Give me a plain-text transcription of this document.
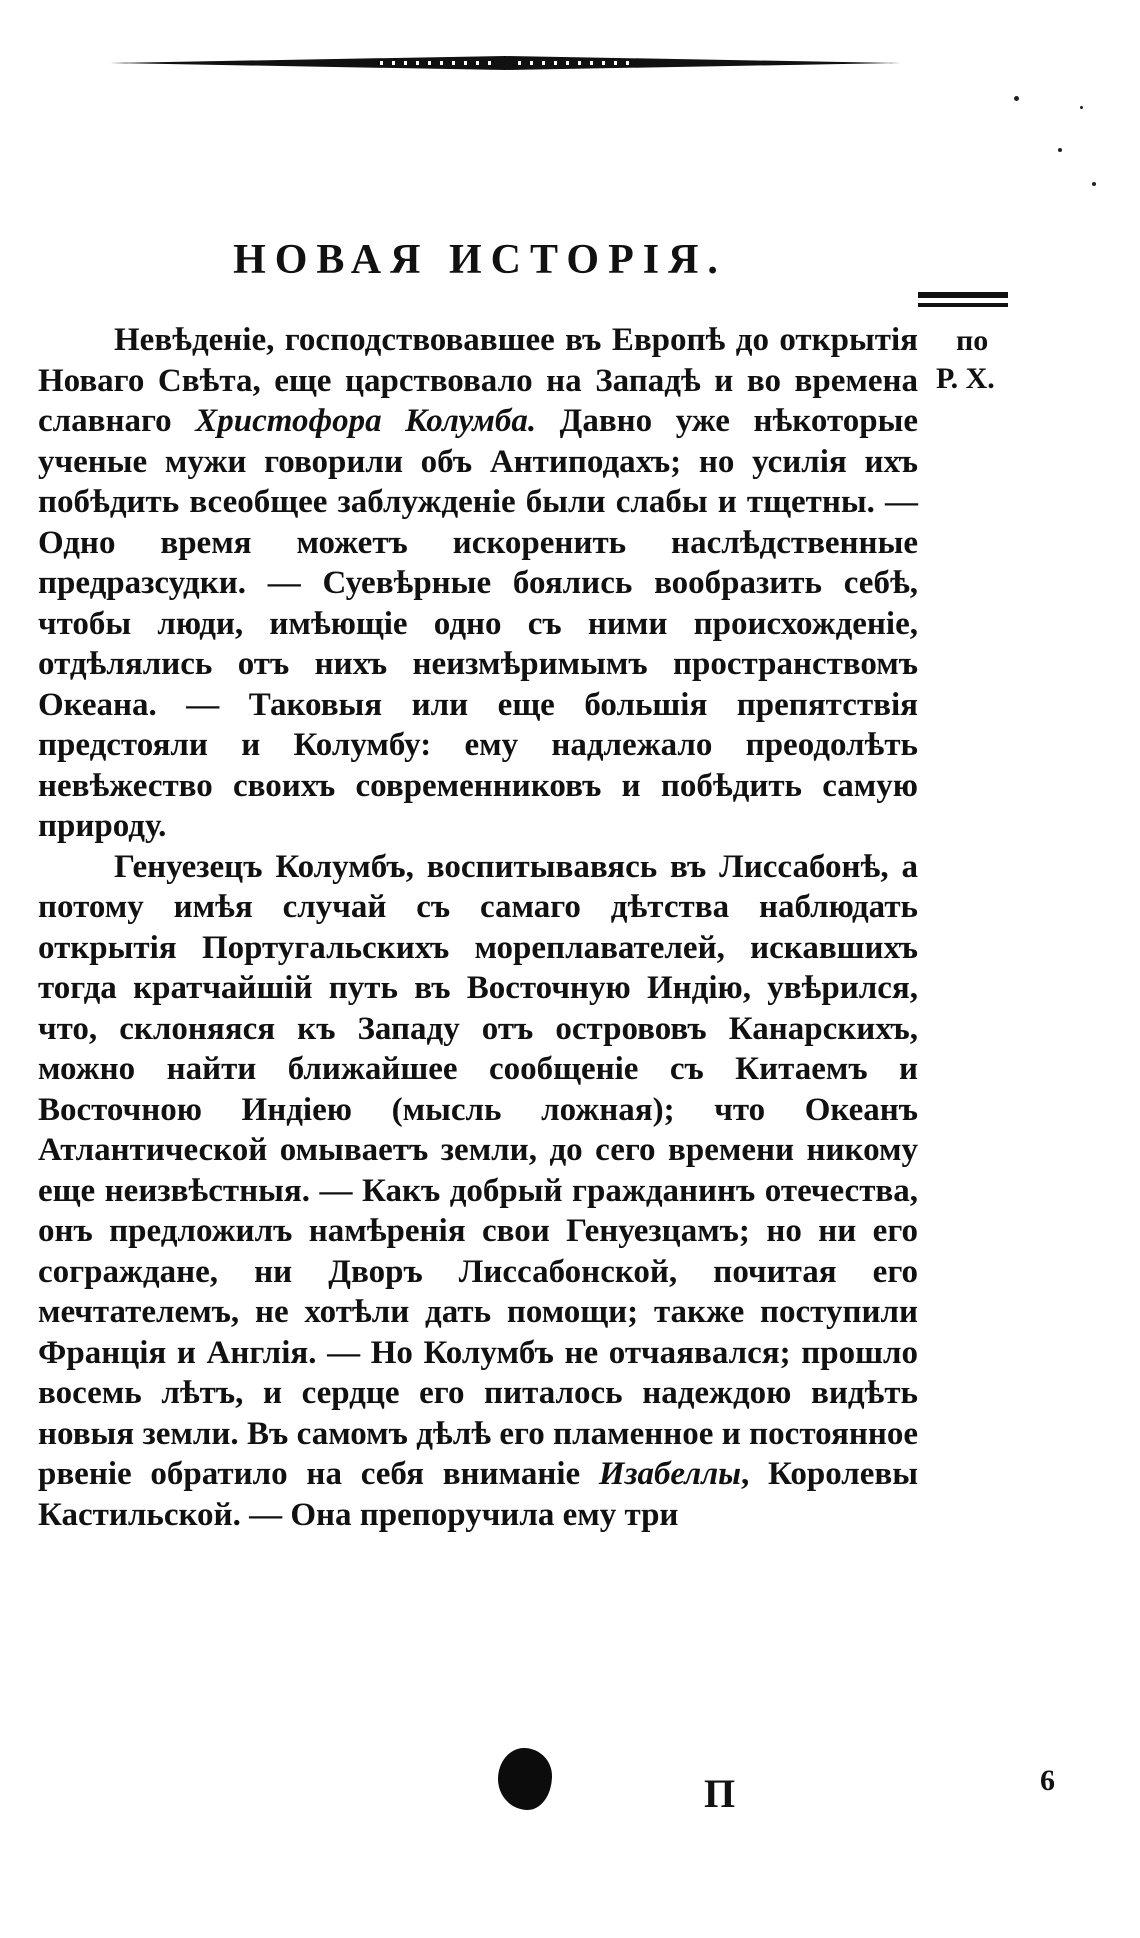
НОВАЯ ИСТОРІЯ.
по
Р. Х.

Невѣденіе, господствовавшее въ Европѣ до открытія Новаго Свѣта, еще царствовало на Западѣ и во времена славнаго Христофора Колумба. Давно уже нѣкоторые ученые мужи говорили объ Антиподахъ; но усилія ихъ побѣдить всеобщее заблужденіе были слабы и тщетны. — Одно время можетъ искоренить наслѣдственные предразсудки. — Суевѣрные боялись вообразить себѣ, чтобы люди, имѣющіе одно съ ними происхожденіе, отдѣлялись отъ нихъ неизмѣримымъ пространствомъ Океана. — Таковыя или еще большія препятствія предстояли и Колумбу: ему надлежало преодолѣть невѣжество своихъ современниковъ и побѣдить самую природу.

Генуезецъ Колумбъ, воспитывавясь въ Лиссабонѣ, а потому имѣя случай съ самаго дѣтства наблюдать открытія Португальскихъ мореплавателей, искавшихъ тогда кратчайшій путь въ Восточную Индію, увѣрился, что, склоняяся къ Западу отъ острововъ Канарскихъ, можно найти ближайшее сообщеніе съ Китаемъ и Восточною Индіею (мысль ложная); что Океанъ Атлантической омываетъ земли, до сего времени никому еще неизвѣстныя. — Какъ добрый гражданинъ отечества, онъ предложилъ намѣренія свои Генуезцамъ; но ни его сограждане, ни Дворъ Лиссабонской, почитая его мечтателемъ, не хотѣли дать помощи; также поступили Франція и Англія. — Но Колумбъ не отчаявался; прошло восемь лѣтъ, и сердце его питалось надеждою видѣть новыя земли. Въ самомъ дѣлѣ его пламенное и постоянное рвеніе обратило на себя вниманіе Изабеллы, Королевы Кастильской. — Она препоручила ему три

П	6
